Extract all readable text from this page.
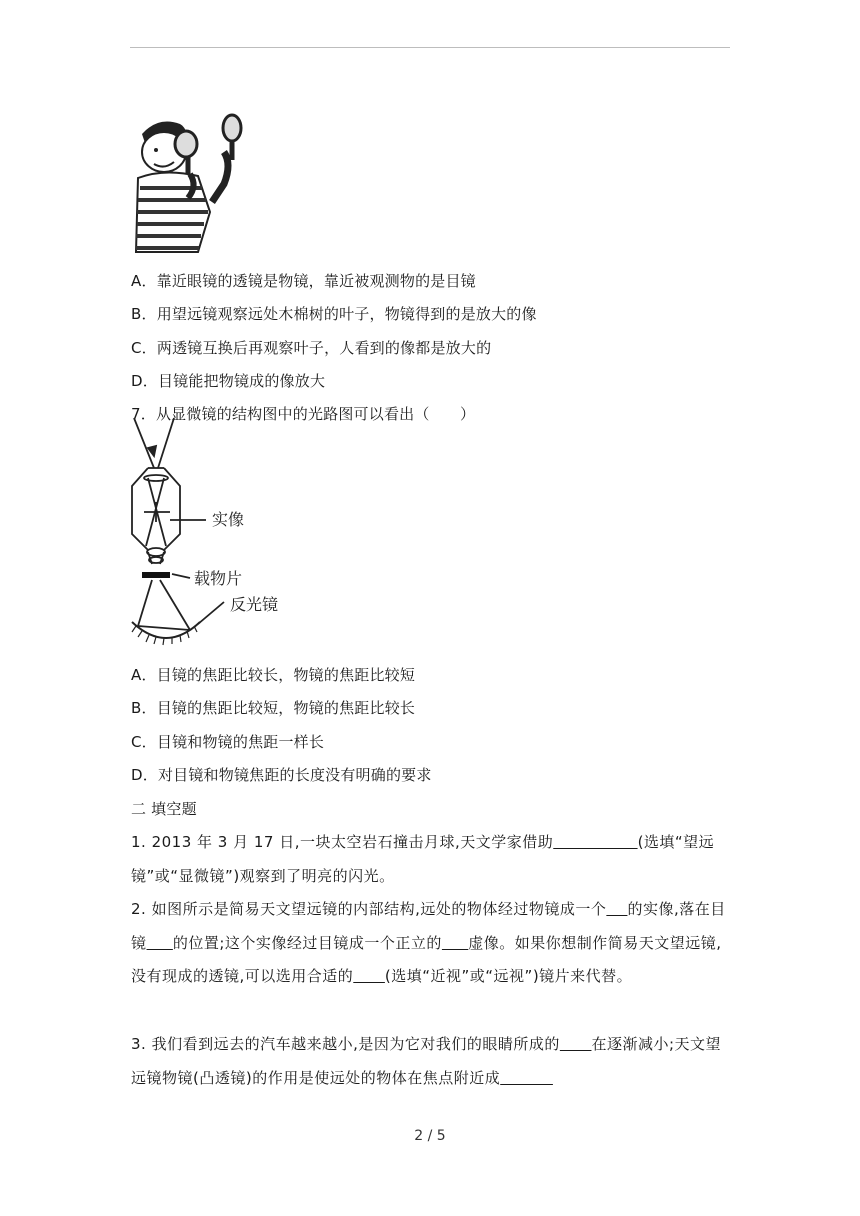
A．靠近眼镜的透镜是物镜，靠近被观测物的是目镜
B．用望远镜观察远处木棉树的叶子，物镜得到的是放大的像
C．两透镜互换后再观察叶子，人看到的像都是放大的
D．目镜能把物镜成的像放大
7．从显微镜的结构图中的光路图可以看出（　　）
实像
载物片
反光镜
A．目镜的焦距比较长，物镜的焦距比较短
B．目镜的焦距比较短，物镜的焦距比较长
C．目镜和物镜的焦距一样长
D．对目镜和物镜焦距的长度没有明确的要求
二 填空题
1. 2013 年 3 月 17 日,一块太空岩石撞击月球,天文学家借助	(选填“望远镜”或“显微镜”)观察到了明亮的闪光。
2. 如图所示是简易天文望远镜的内部结构,远处的物体经过物镜成一个 的实像,落在目镜 的位置;这个实像经过目镜成一个正立的 虚像。如果你想制作简易天文望远镜,没有现成的透镜,可以选用合适的 (选填“近视”或“远视”)镜片来代替。
3. 我们看到远去的汽车越来越小,是因为它对我们的眼睛所成的 在逐渐减小;天文望远镜物镜(凸透镜)的作用是使远处的物体在焦点附近成
2 / 5
